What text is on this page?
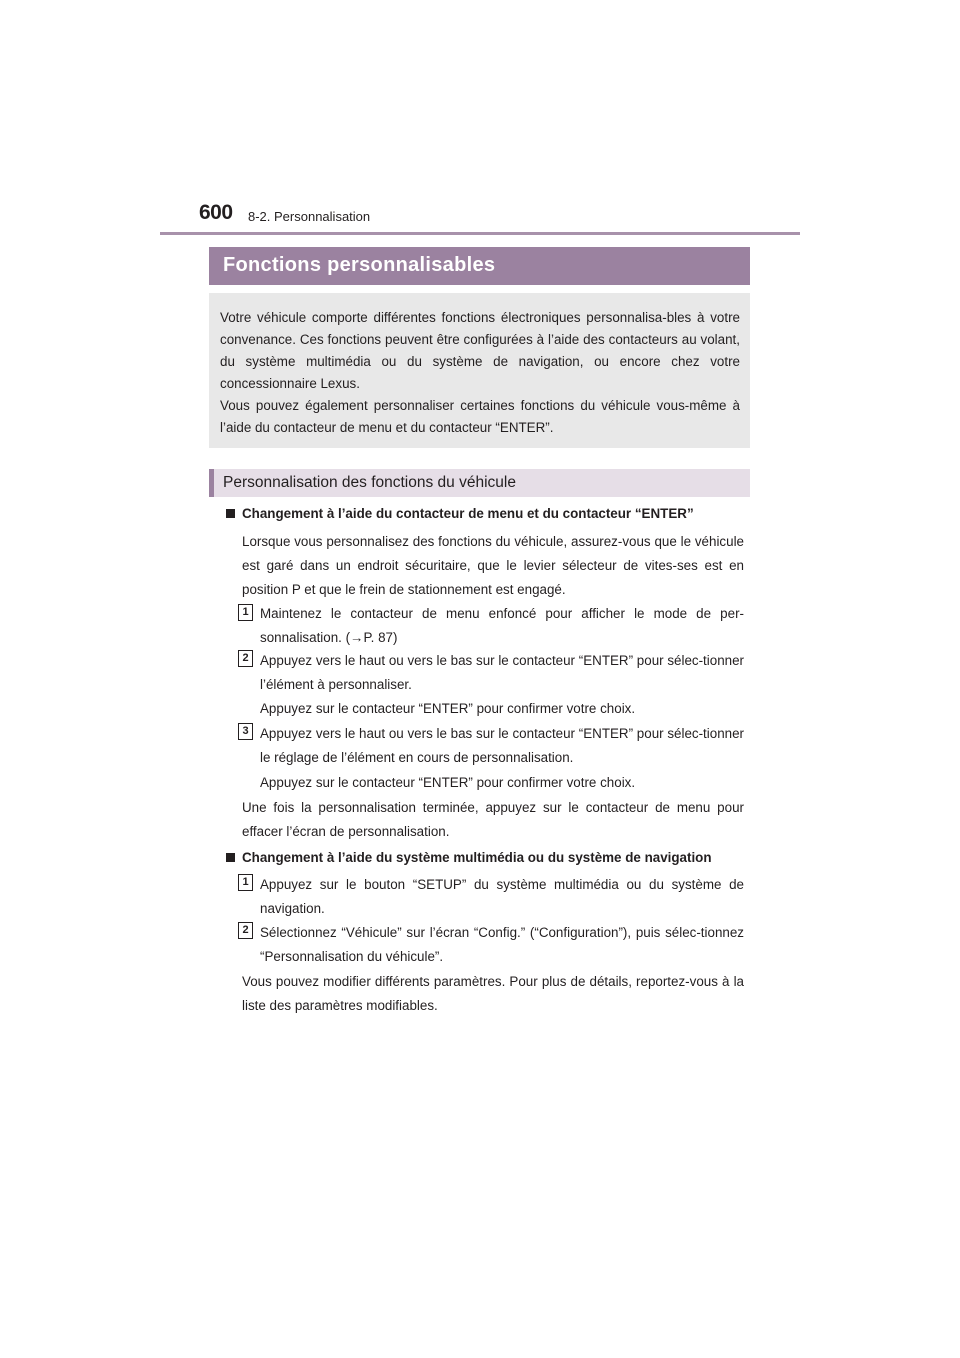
600 8-2. Personnalisation
Fonctions personnalisables

Votre véhicule comporte différentes fonctions électroniques personnalisa-bles à votre convenance. Ces fonctions peuvent être configurées à l’aide des contacteurs au volant, du système multimédia ou du système de navigation, ou encore chez votre concessionnaire Lexus.

Vous pouvez également personnaliser certaines fonctions du véhicule vous-même à l’aide du contacteur de menu et du contacteur “ENTER”.

Personnalisation des fonctions du véhicule
Changement à l’aide du contacteur de menu et du contacteur “ENTER”
Lorsque vous personnalisez des fonctions du véhicule, assurez-vous que le véhicule est garé dans un endroit sécuritaire, que le levier sélecteur de vites-ses est en position P et que le frein de stationnement est engagé.
1 Maintenez le contacteur de menu enfoncé pour afficher le mode de per-sonnalisation. (→P. 87)
2 Appuyez vers le haut ou vers le bas sur le contacteur “ENTER” pour sélec-tionner l’élément à personnaliser.
Appuyez sur le contacteur “ENTER” pour confirmer votre choix.
3 Appuyez vers le haut ou vers le bas sur le contacteur “ENTER” pour sélec-tionner le réglage de l’élément en cours de personnalisation.
Appuyez sur le contacteur “ENTER” pour confirmer votre choix.
Une fois la personnalisation terminée, appuyez sur le contacteur de menu pour effacer l’écran de personnalisation.
Changement à l’aide du système multimédia ou du système de navigation
1 Appuyez sur le bouton “SETUP” du système multimédia ou du système de navigation.
2 Sélectionnez “Véhicule” sur l’écran “Config.” (“Configuration”), puis sélec-tionnez “Personnalisation du véhicule”.
Vous pouvez modifier différents paramètres. Pour plus de détails, reportez-vous à la liste des paramètres modifiables.
